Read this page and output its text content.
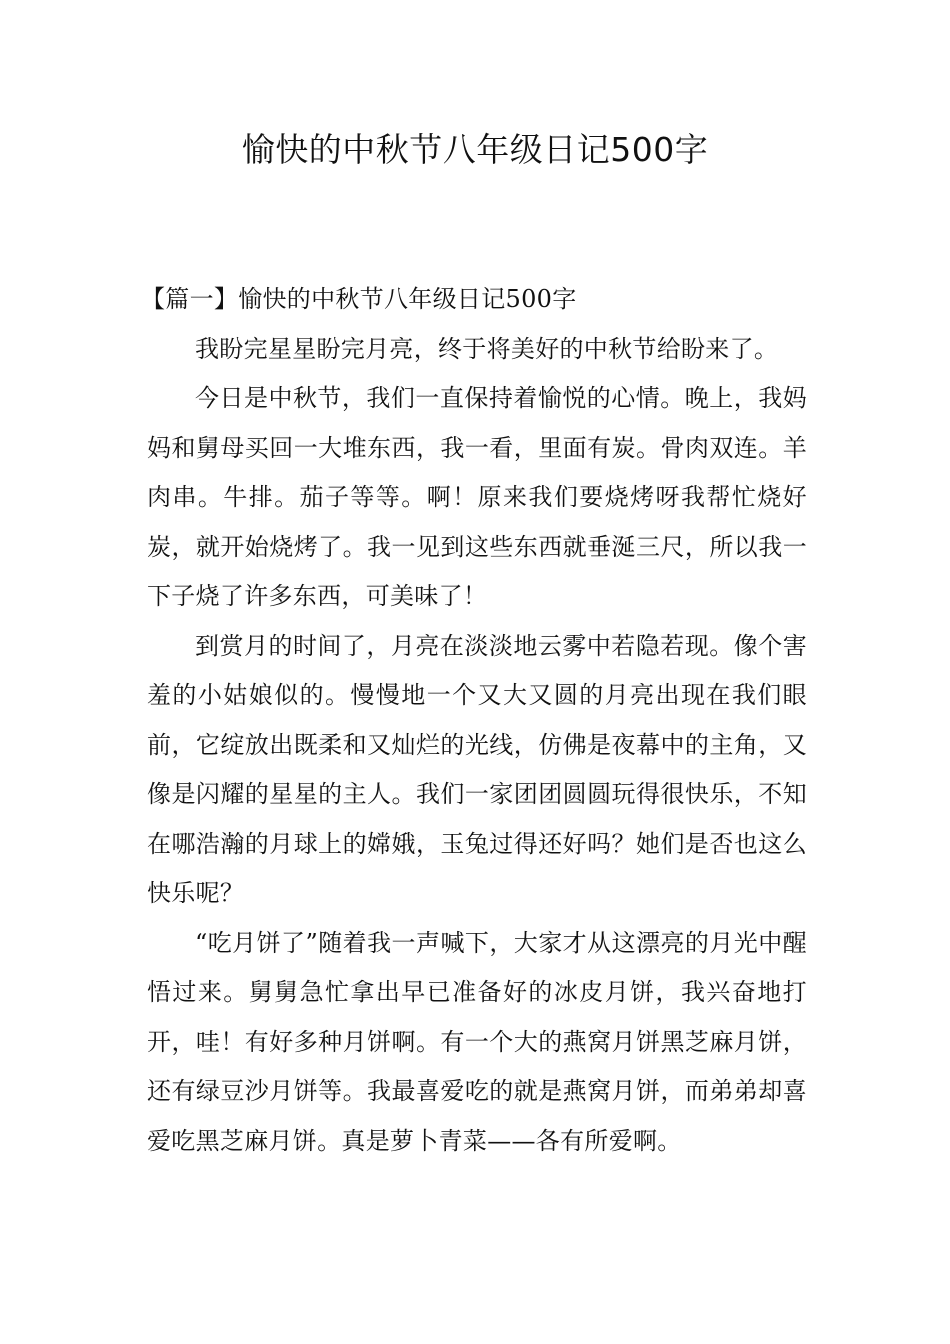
愉快的中秋节八年级日记500字

【篇一】愉快的中秋节八年级日记500字

我盼完星星盼完月亮，终于将美好的中秋节给盼来了。

今日是中秋节，我们一直保持着愉悦的心情。晚上，我妈妈和舅母买回一大堆东西，我一看，里面有炭。骨肉双连。羊肉串。牛排。茄子等等。啊！原来我们要烧烤呀我帮忙烧好炭，就开始烧烤了。我一见到这些东西就垂涎三尺，所以我一下子烧了许多东西，可美味了！

到赏月的时间了，月亮在淡淡地云雾中若隐若现。像个害羞的小姑娘似的。慢慢地一个又大又圆的月亮出现在我们眼前，它绽放出既柔和又灿烂的光线，仿佛是夜幕中的主角，又像是闪耀的星星的主人。我们一家团团圆圆玩得很快乐，不知在哪浩瀚的月球上的嫦娥，玉兔过得还好吗？她们是否也这么快乐呢？

“吃月饼了”随着我一声喊下，大家才从这漂亮的月光中醒悟过来。舅舅急忙拿出早已准备好的冰皮月饼，我兴奋地打开，哇！有好多种月饼啊。有一个大的燕窝月饼黑芝麻月饼，还有绿豆沙月饼等。我最喜爱吃的就是燕窝月饼，而弟弟却喜爱吃黑芝麻月饼。真是萝卜青菜——各有所爱啊。
